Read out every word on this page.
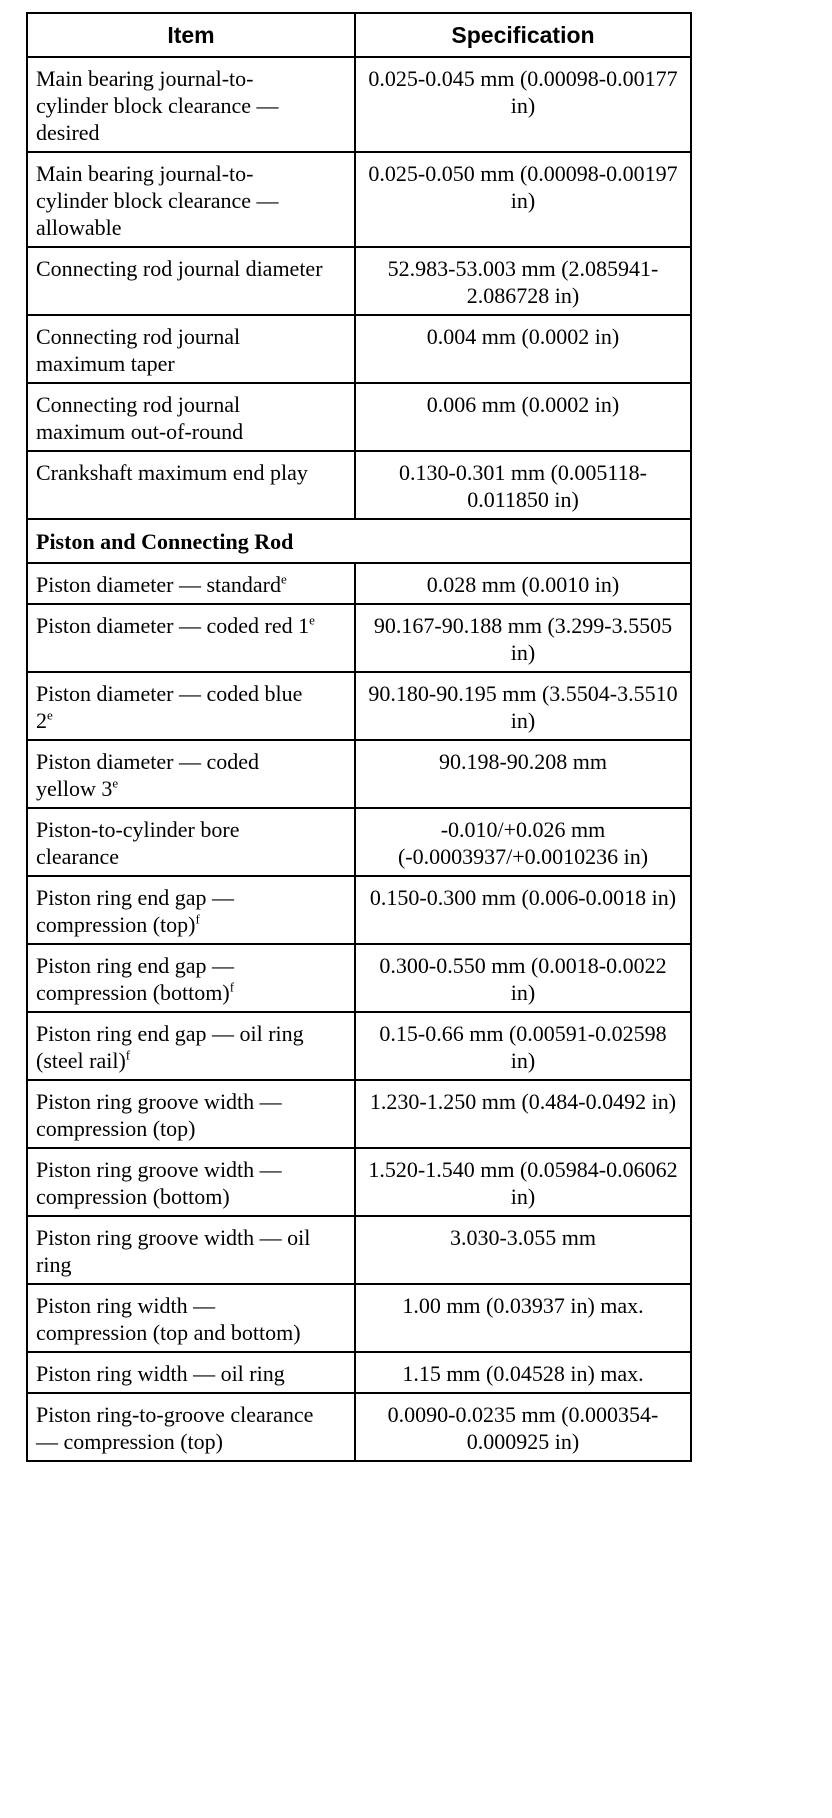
Item	Specification
Main bearing journal-to-cylinder block clearance — desired	0.025-0.045 mm (0.00098-0.00177 in)
Main bearing journal-to-cylinder block clearance — allowable	0.025-0.050 mm (0.00098-0.00197 in)
Connecting rod journal diameter	52.983-53.003 mm (2.085941-2.086728 in)
Connecting rod journal maximum taper	0.004 mm (0.0002 in)
Connecting rod journal maximum out-of-round	0.006 mm (0.0002 in)
Crankshaft maximum end play	0.130-0.301 mm (0.005118-0.011850 in)
Piston and Connecting Rod	
Piston diameter — standard$^e$	0.028 mm (0.0010 in)
Piston diameter — coded red 1e	90.167-90.188 mm (3.299-3.5505 in)
Piston diameter — coded blue 2e	90.180-90.195 mm (3.5504-3.5510 in)
Piston diameter — coded yellow 3e	90.198-90.208 mm
Piston-to-cylinder bore clearance	-0.010/+0.026 mm (-0.0003937/+0.0010236 in)
Piston ring end gap — compression (top)$^f$	0.150-0.300 mm (0.006-0.0018 in)
Piston ring end gap — compression (bottom)$^f$	0.300-0.550 mm (0.0018-0.0022 in)
Piston ring end gap — oil ring (steel rail)$^f$	0.15-0.66 mm (0.00591-0.02598 in)
Piston ring groove width — compression (top)	1.230-1.250 mm (0.484-0.0492 in)
Piston ring groove width — compression (bottom)	1.520-1.540 mm (0.05984-0.06062 in)
Piston ring groove width — oil ring	3.030-3.055 mm
Piston ring width — compression (top and bottom)	1.00 mm (0.03937 in) max.
Piston ring width — oil ring	1.15 mm (0.04528 in) max.
Piston ring-to-groove clearance — compression (top)	0.0090-0.0235 mm (0.000354-0.000925 in)
